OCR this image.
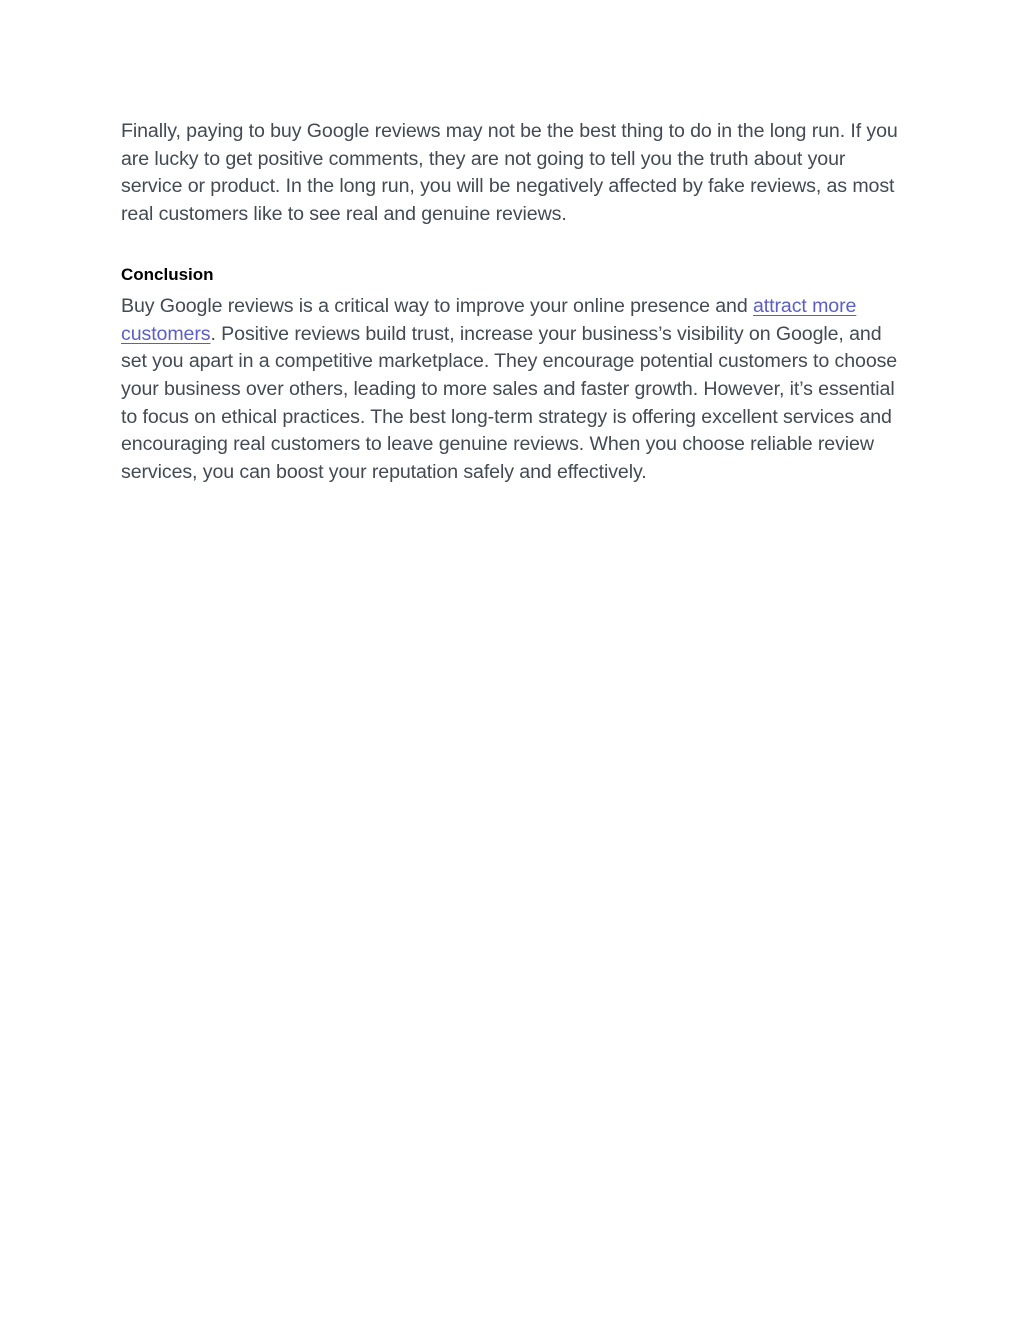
Finally, paying to buy Google reviews may not be the best thing to do in the long run. If you are lucky to get positive comments, they are not going to tell you the truth about your service or product. In the long run, you will be negatively affected by fake reviews, as most real customers like to see real and genuine reviews.

Conclusion

Buy Google reviews is a critical way to improve your online presence and attract more customers. Positive reviews build trust, increase your business’s visibility on Google, and set you apart in a competitive marketplace. They encourage potential customers to choose your business over others, leading to more sales and faster growth. However, it’s essential to focus on ethical practices. The best long-term strategy is offering excellent services and encouraging real customers to leave genuine reviews. When you choose reliable review services, you can boost your reputation safely and effectively.
